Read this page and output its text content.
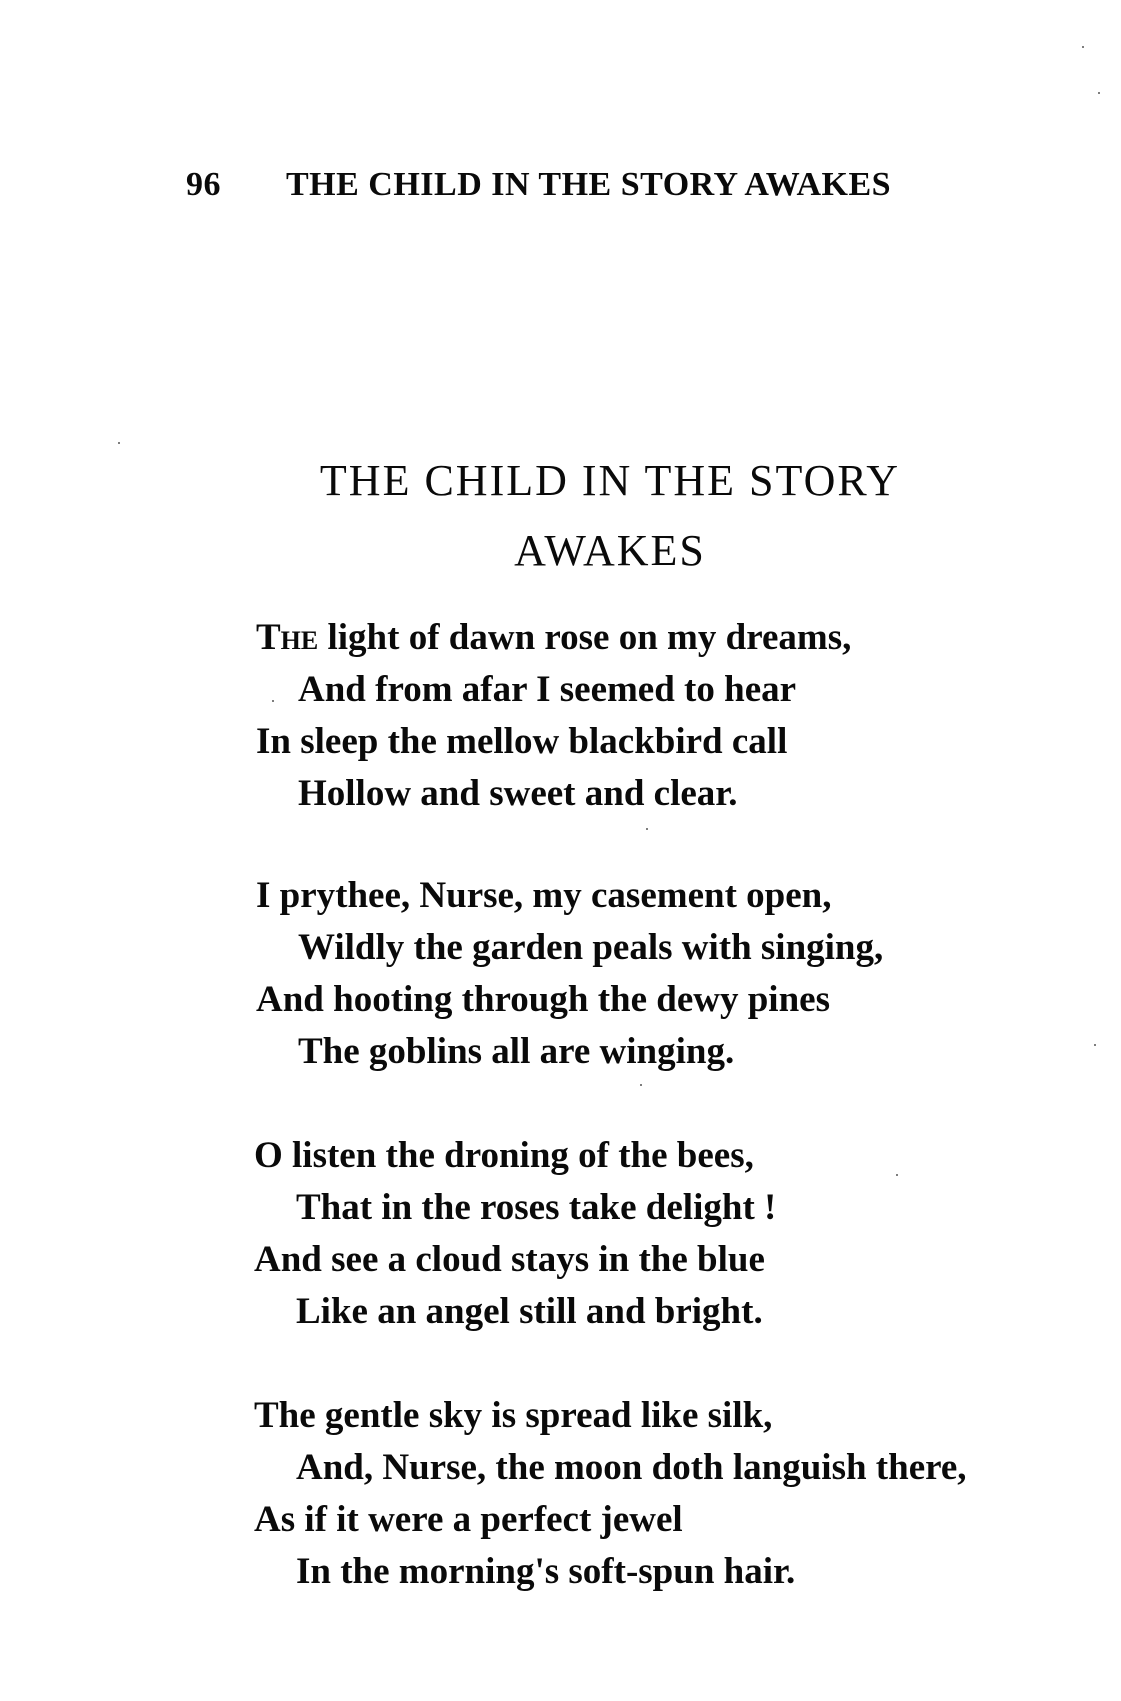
96 THE CHILD IN THE STORY AWAKES
THE CHILD IN THE STORY
AWAKES
The light of dawn rose on my dreams,
And from afar I seemed to hear
In sleep the mellow blackbird call
Hollow and sweet and clear.
I prythee, Nurse, my casement open,
Wildly the garden peals with singing,
And hooting through the dewy pines
The goblins all are winging.
O listen the droning of the bees,
That in the roses take delight !
And see a cloud stays in the blue
Like an angel still and bright.
The gentle sky is spread like silk,
And, Nurse, the moon doth languish there,
As if it were a perfect jewel
In the morning's soft-spun hair.
